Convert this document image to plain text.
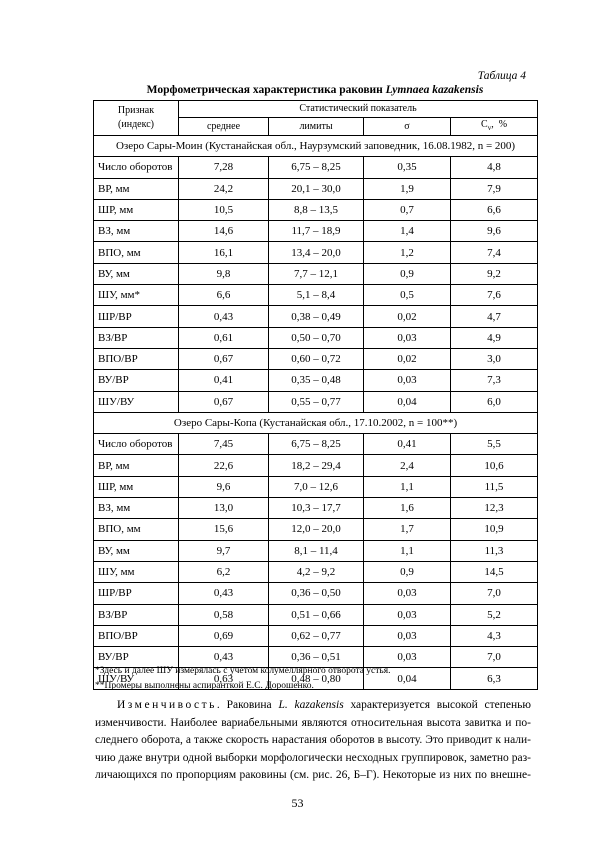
Таблица 4
Морфометрическая характеристика раковин Lymnaea kazakensis
Признак
(индекс)	Статистический показатель			
	среднее	лимиты	σ	$C_v$,  %
Озеро Сары-Моин (Кустанайская обл., Наурзумский заповедник, 16.08.1982, n = 200)				
Число оборотов	7,28	6,75 – 8,25	0,35	4,8
ВР, мм	24,2	20,1 – 30,0	1,9	7,9
ШР, мм	10,5	8,8 – 13,5	0,7	6,6
ВЗ, мм	14,6	11,7 – 18,9	1,4	9,6
ВПО, мм	16,1	13,4 – 20,0	1,2	7,4
ВУ, мм	9,8	7,7 – 12,1	0,9	9,2
ШУ, мм*	6,6	5,1 – 8,4	0,5	7,6
ШР/ВР	0,43	0,38 – 0,49	0,02	4,7
ВЗ/ВР	0,61	0,50 – 0,70	0,03	4,9
ВПО/ВР	0,67	0,60 – 0,72	0,02	3,0
ВУ/ВР	0,41	0,35 – 0,48	0,03	7,3
ШУ/ВУ	0,67	0,55 – 0,77	0,04	6,0
Озеро Сары-Копа (Кустанайская обл., 17.10.2002, n = 100**)				
Число оборотов	7,45	6,75 – 8,25	0,41	5,5
ВР, мм	22,6	18,2 – 29,4	2,4	10,6
ШР, мм	9,6	7,0 – 12,6	1,1	11,5
ВЗ, мм	13,0	10,3 – 17,7	1,6	12,3
ВПО, мм	15,6	12,0 – 20,0	1,7	10,9
ВУ, мм	9,7	8,1 – 11,4	1,1	11,3
ШУ, мм	6,2	4,2 – 9,2	0,9	14,5
ШР/ВР	0,43	0,36 – 0,50	0,03	7,0
ВЗ/ВР	0,58	0,51 – 0,66	0,03	5,2
ВПО/ВР	0,69	0,62 – 0,77	0,03	4,3
ВУ/ВР	0,43	0,36 – 0,51	0,03	7,0
ШУ/ВУ	0,63	0,48 – 0,80	0,04	6,3
*Здесь и далее ШУ измерялась с учетом колумеллярного отворота устья.
**Промеры выполнены аспиранткой Е.С. Дорошенко.
Изменчивость. Раковина L. kazakensis характеризуется высокой степенью
изменчивости. Наиболее вариабельными являются относительная высота завитка и по-
следнего оборота, а также скорость нарастания оборотов в высоту. Это приводит к нали-
чию даже внутри одной выборки морфологически несходных группировок, заметно раз-
личающихся по пропорциям раковины (см. рис. 26, Б–Г). Некоторые из них по внешне-
53
